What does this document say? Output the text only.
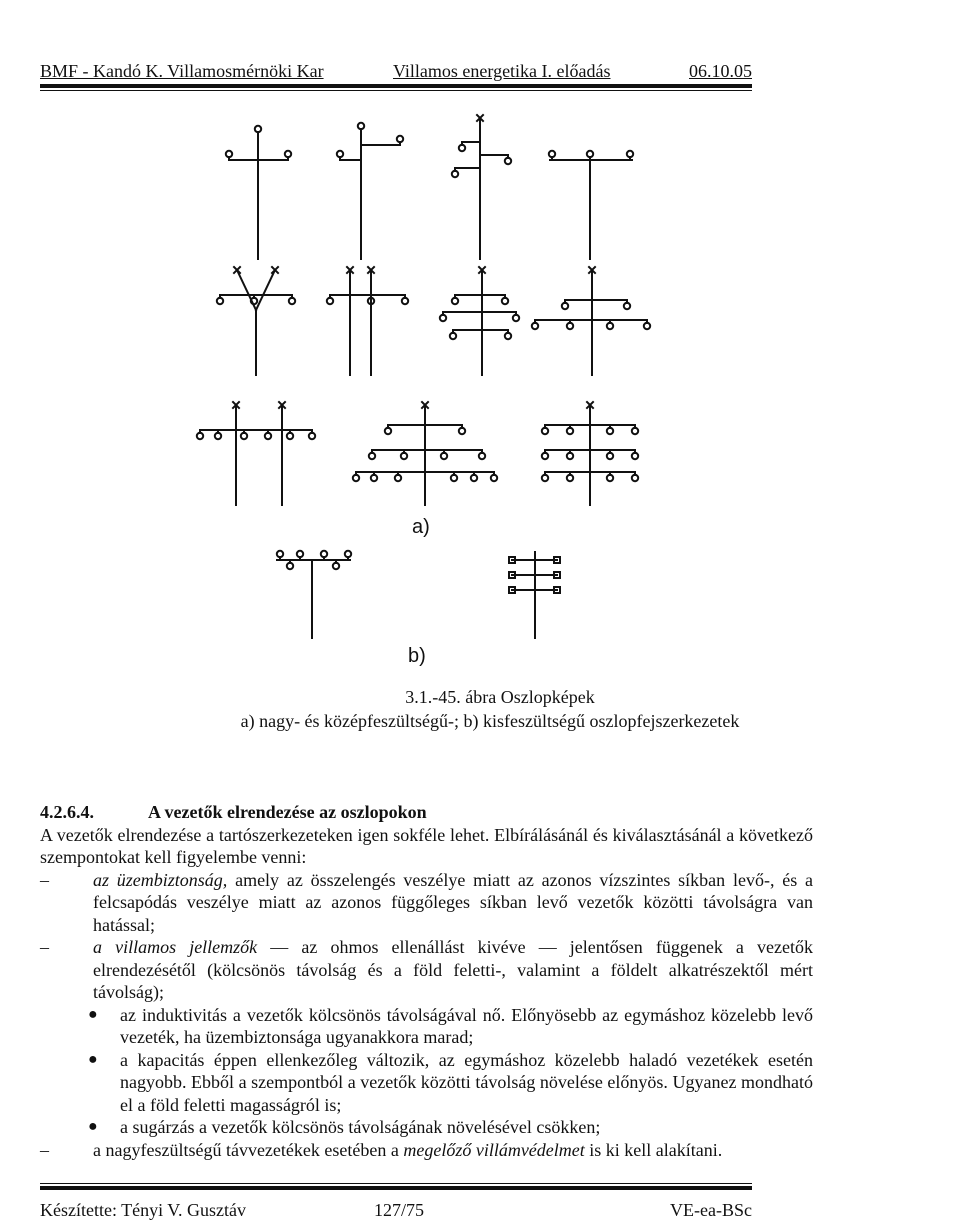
BMF - Kandó K. Villamosmérnöki Kar	Villamos energetika I. előadás	06.10.05
a)
b)
3.1.-45. ábra Oszlopképek
a) nagy- és középfeszültségű-; b) kisfeszültségű oszlopfejszerkezetek

4.2.6.4.	A vezetők elrendezése az oszlopokon

A vezetők elrendezése a tartószerkezeteken igen sokféle lehet. Elbírálásánál és kiválasztásánál a következő szempontokat kell figyelembe venni:

– az üzembiztonság, amely az összelengés veszélye miatt az azonos vízszintes síkban levő-, és a felcsapódás veszélye miatt az azonos függőleges síkban levő vezetők közötti távolságra van hatással;

– a villamos jellemzők — az ohmos ellenállást kivéve — jelentősen függenek a vezetők elrendezésétől (kölcsönös távolság és a föld feletti-, valamint a földelt alkatrészektől mért távolság);

● az induktivitás a vezetők kölcsönös távolságával nő. Előnyösebb az egymáshoz közelebb levő vezeték, ha üzembiztonsága ugyanakkora marad;

● a kapacitás éppen ellenkezőleg változik, az egymáshoz közelebb haladó vezetékek esetén nagyobb. Ebből a szempontból a vezetők közötti távolság növelése előnyös. Ugyanez mondható el a föld feletti magasságról is;

● a sugárzás a vezetők kölcsönös távolságának növelésével csökken;

– a nagyfeszültségű távvezetékek esetében a megelőző villámvédelmet is ki kell alakítani.

Készítette: Tényi V. Gusztáv	127/75	VE-ea-BSc
